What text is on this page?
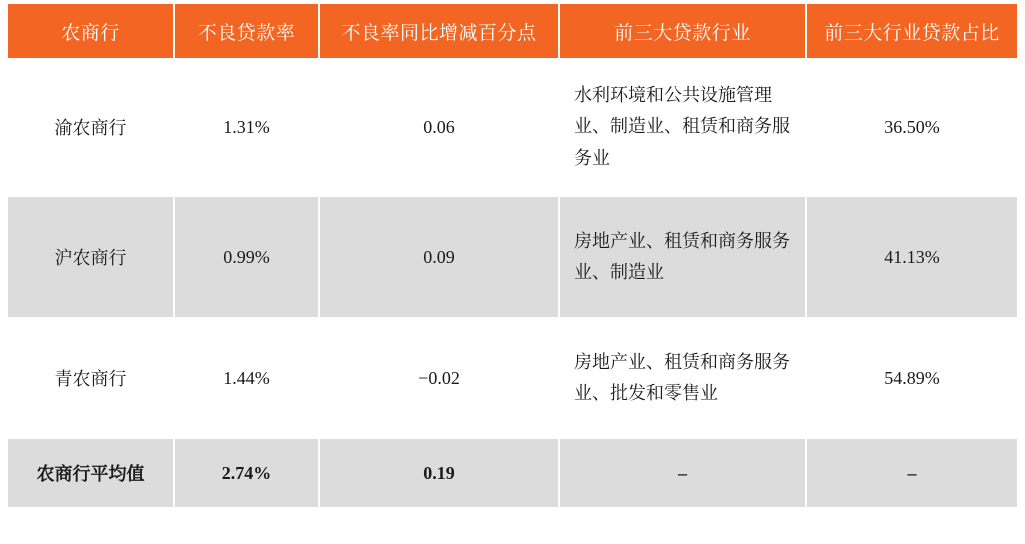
农商行	不良贷款率	不良率同比增减百分点	前三大贷款行业	前三大行业贷款占比
渝农商行	1.31%	0.06	水利环境和公共设施管理业、制造业、租赁和商务服务业	36.50%
沪农商行	0.99%	0.09	房地产业、租赁和商务服务业、制造业	41.13%
青农商行	1.44%	−0.02	房地产业、租赁和商务服务业、批发和零售业	54.89%
农商行平均值	2.74%	0.19	–	–
